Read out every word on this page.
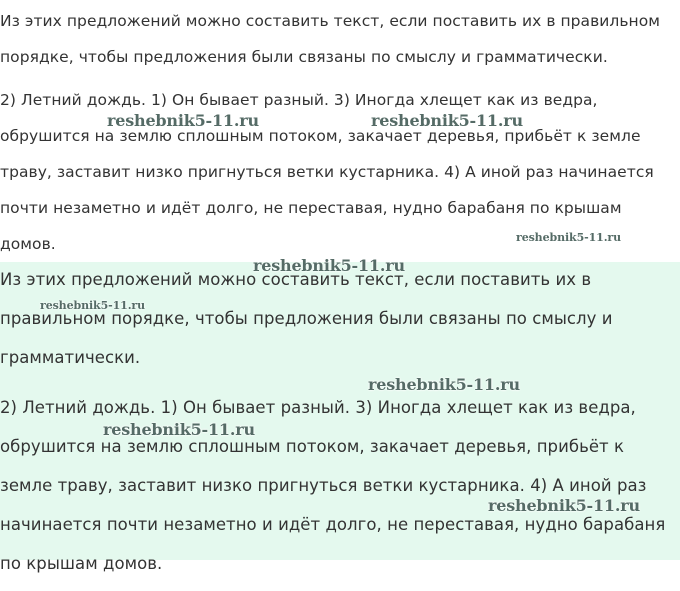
Из этих предложений можно составить текст, если поставить их в правильном порядке, чтобы предложения были связаны по смыслу и грамматически.

2) Летний дождь. 1) Он бывает разный. 3) Иногда хлещет как из ведра, обрушится на землю сплошным потоком, закачает деревья, прибьёт к земле траву, заставит низко пригнуться ветки кустарника. 4) А иной раз начинается почти незаметно и идёт долго, не переставая, нудно барабаня по крышам домов.

Из этих предложений можно составить текст, если поставить их в правильном порядке, чтобы предложения были связаны по смыслу и грамматически.

2) Летний дождь. 1) Он бывает разный. 3) Иногда хлещет как из ведра, обрушится на землю сплошным потоком, закачает деревья, прибьёт к земле траву, заставит низко пригнуться ветки кустарника. 4) А иной раз начинается почти незаметно и идёт долго, не переставая, нудно барабаня по крышам домов.

reshebnik5-11.ru	reshebnik5-11.ru
reshebnik5-11.ru
reshebnik5-11.ru
reshebnik5-11.ru
reshebnik5-11.ru
reshebnik5-11.ru
reshebnik5-11.ru
